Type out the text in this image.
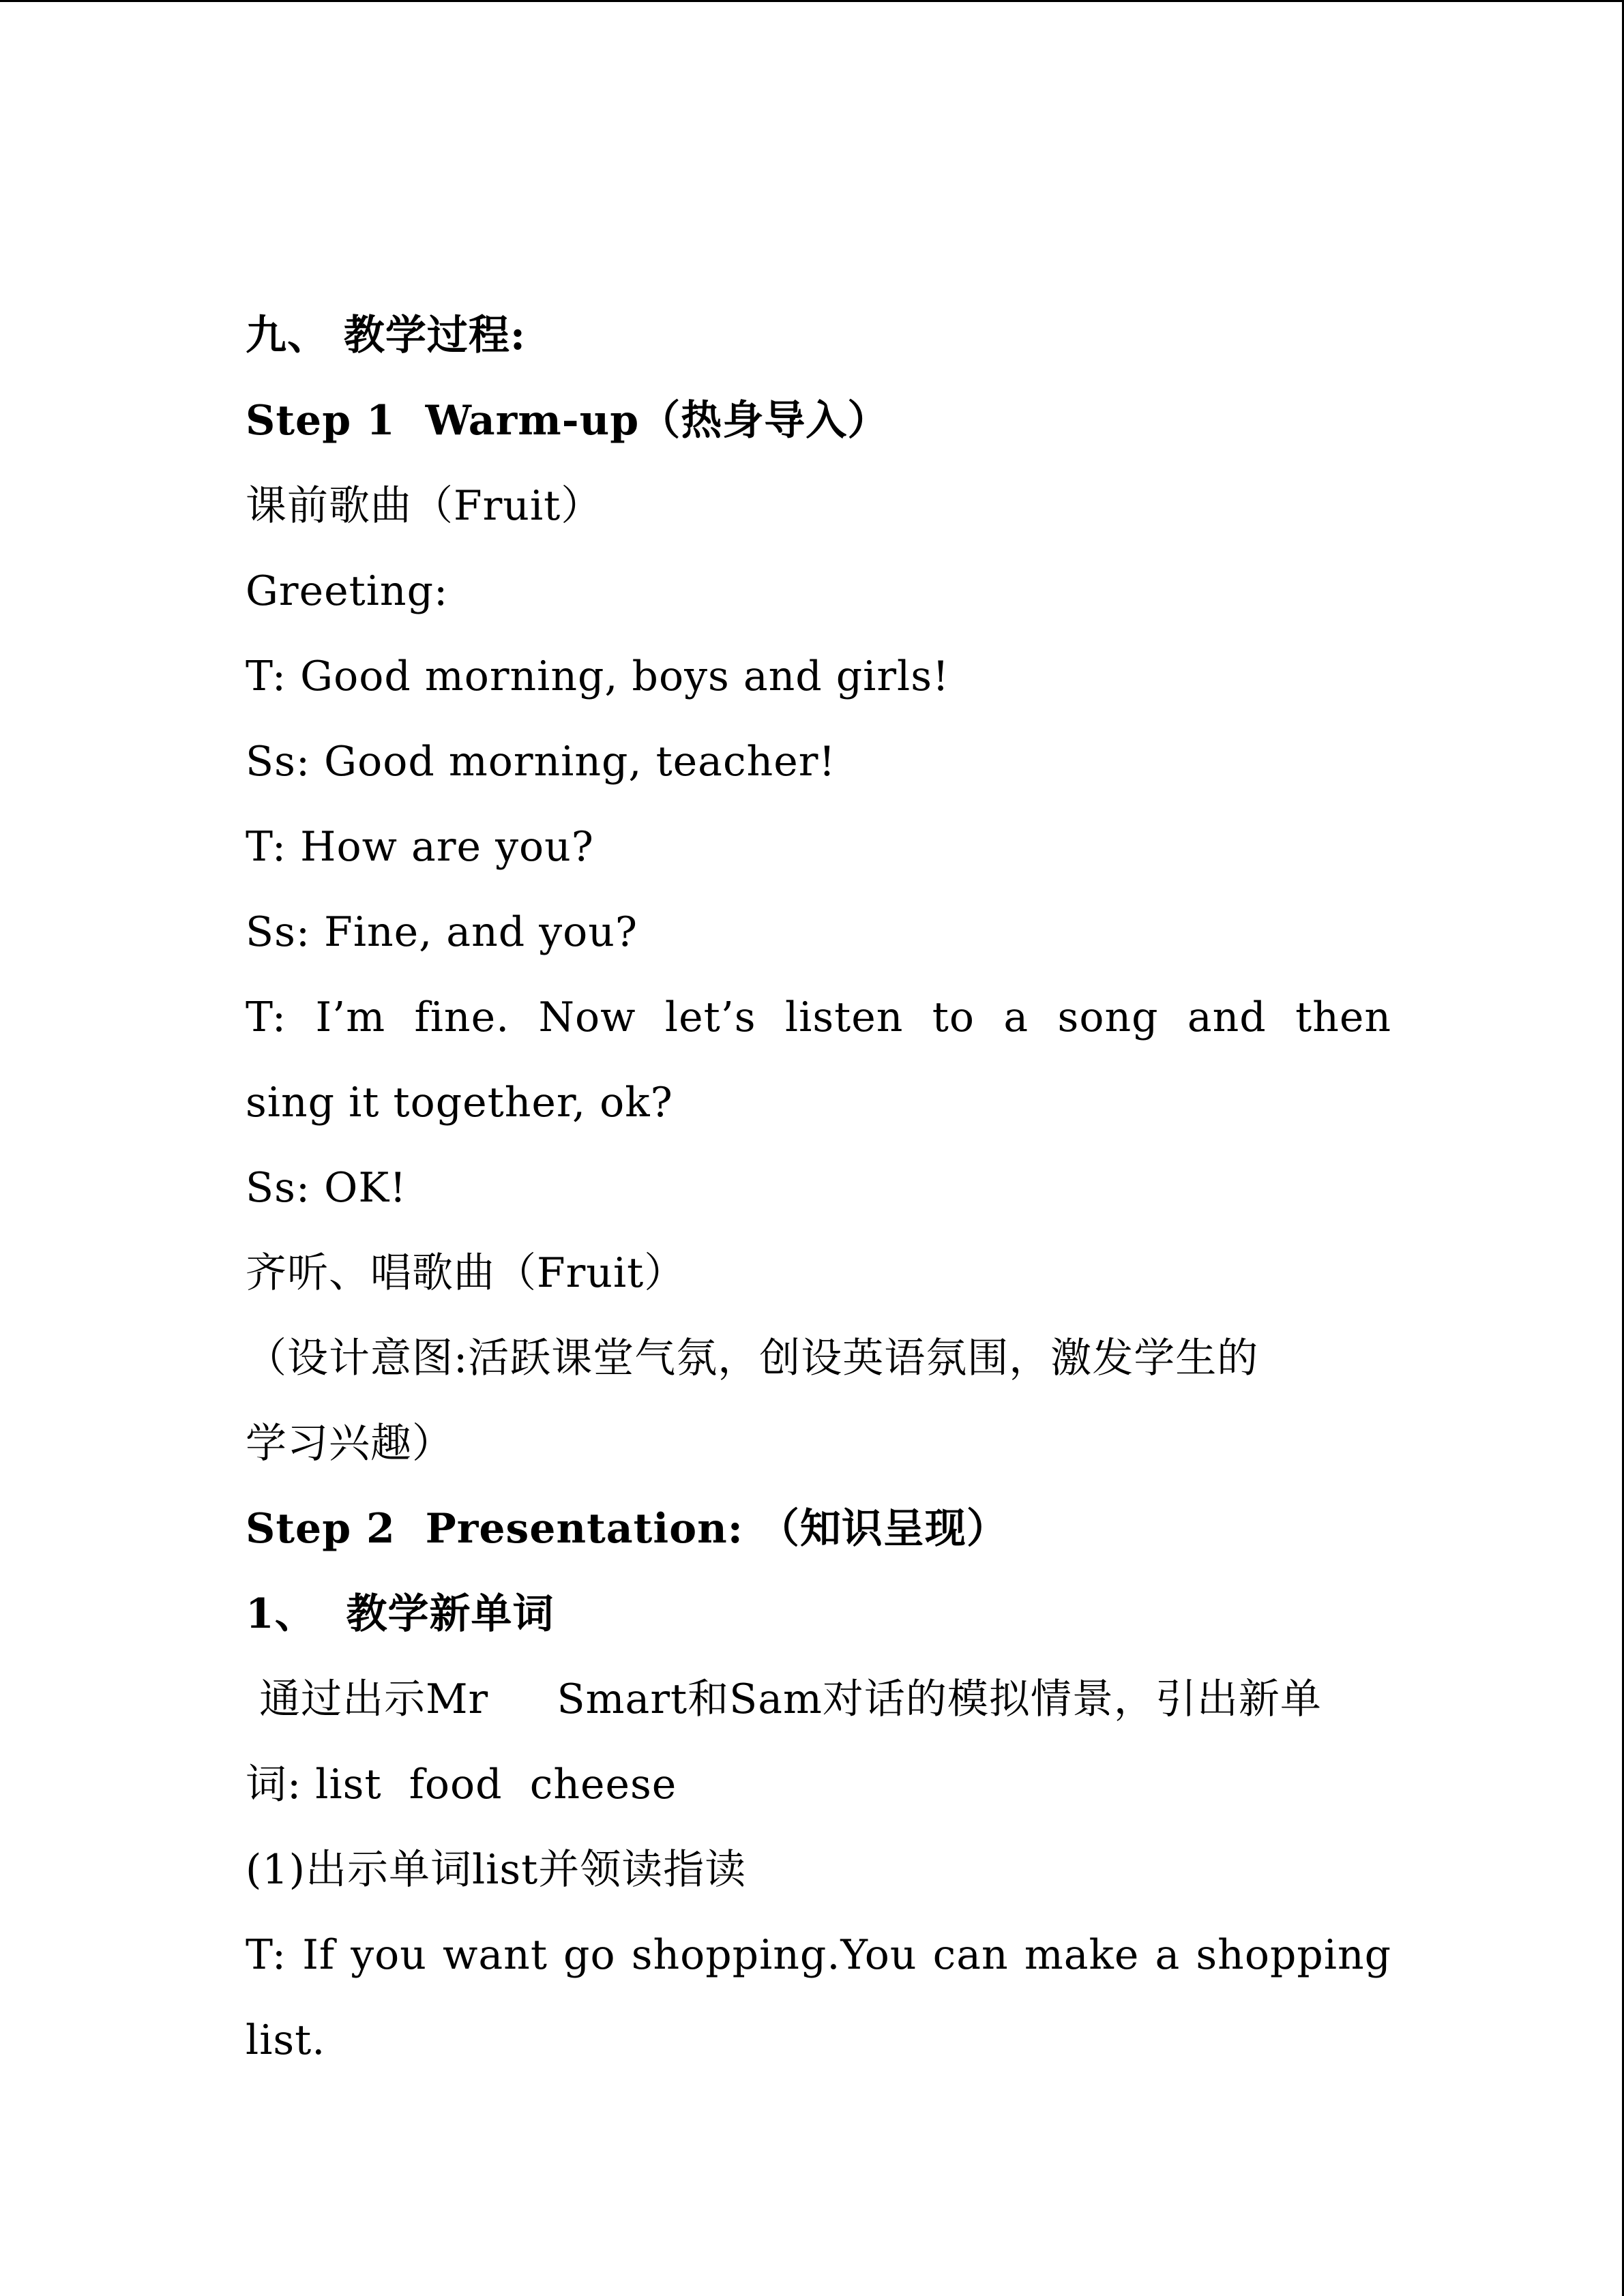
九、 教学过程:
Step 1  Warm-up（热身导入）
课前歌曲（Fruit）
Greeting:
T: Good morning, boys and girls!
Ss: Good morning, teacher!
T: How are you?
Ss: Fine, and you?
T: I’m fine. Now let’s listen to a song and then
sing it together, ok?
Ss: OK!
齐听、唱歌曲（Fruit）
（设计意图:活跃课堂气氛，创设英语氛围，激发学生的
学习兴趣）
Step 2  Presentation: （知识呈现）
1、  教学新单词
通过出示Mr     Smart和Sam对话的模拟情景，引出新单
词: list  food  cheese
(1)出示单词list并领读指读
T: If you want go shopping.You can make a shopping
list.
